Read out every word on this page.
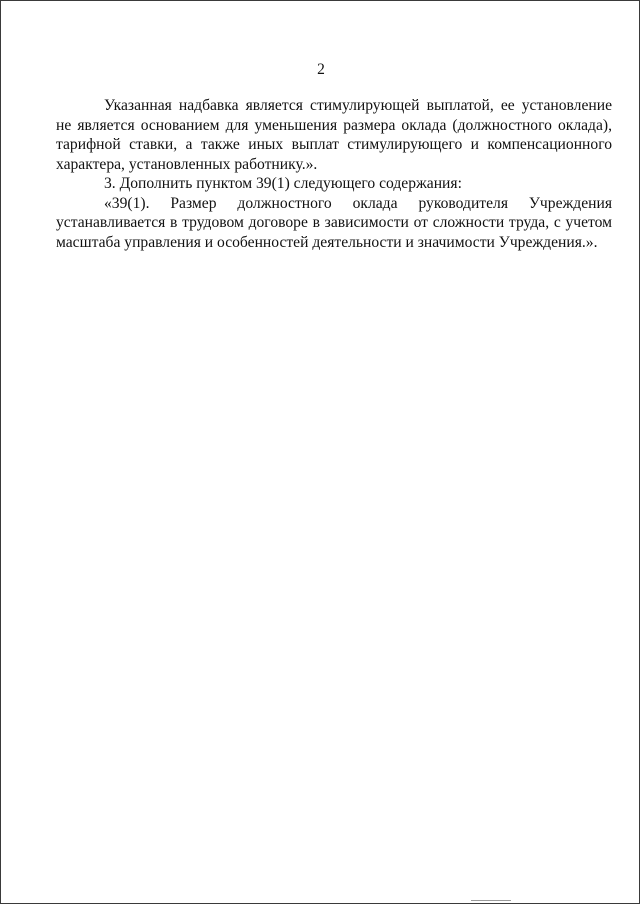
2

Указанная надбавка является стимулирующей выплатой, ее установление не является основанием для уменьшения размера оклада (должностного оклада), тарифной ставки, а также иных выплат стимулирующего и компенсационного характера, установленных работнику.».

3. Дополнить пунктом 39(1) следующего содержания:

«39(1). Размер должностного оклада руководителя Учреждения устанавливается в трудовом договоре в зависимости от сложности труда, с учетом масштаба управления и особенностей деятельности и значимости Учреждения.».
